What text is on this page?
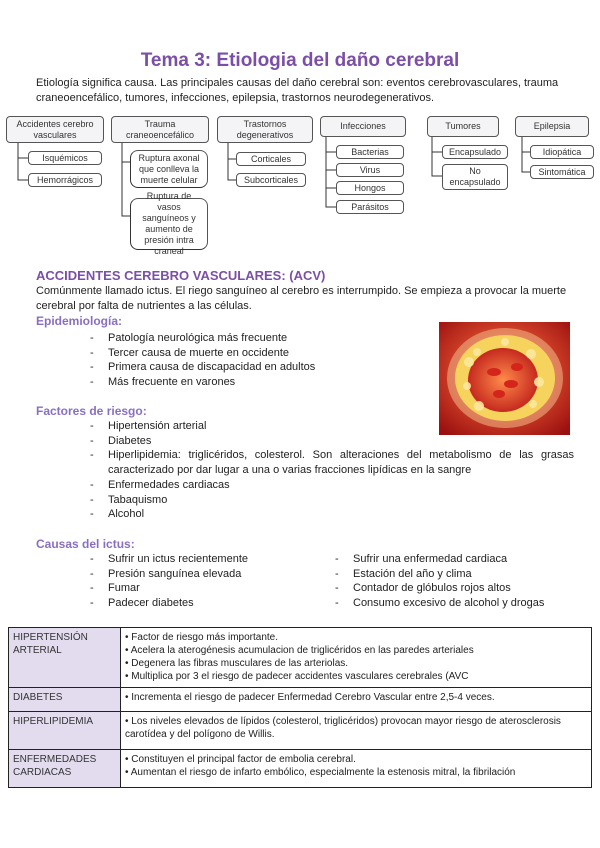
Tema 3: Etiologia del daño cerebral
Etiología significa causa. Las principales causas del daño cerebral son: eventos cerebrovasculares, trauma craneoencefálico, tumores, infecciones, epilepsia, trastornos neurodegenerativos.
Accidentes cerebro vasculares
Trauma craneoencefálico
Trastornos degenerativos
Infecciones	Tumores	Epilepsia
Isquémicos
Hemorrágicos
Ruptura axonal que conlleva la muerte celular
Ruptura de vasos sanguíneos y aumento de presión intra craneal
Corticales
Subcorticales
Bacterias
Virus
Hongos
Parásitos
Encapsulado
No encapsulado
Idiopática
Sintomática
ACCIDENTES CEREBRO VASCULARES: (ACV)
Comúnmente llamado ictus. El riego sanguíneo al cerebro es interrumpido. Se empieza a provocar la muerte cerebral por falta de nutrientes a las células.
Epidemiología:
- Patología neurológica más frecuente
- Tercer causa de muerte en occidente
- Primera causa de discapacidad en adultos
- Más frecuente en varones
Factores de riesgo:
- Hipertensión arterial
- Diabetes
- Hiperlipidemia: triglicéridos, colesterol. Son alteraciones del metabolismo de las grasas caracterizado por dar lugar a una o varias fracciones lipídicas en la sangre
- Enfermedades cardiacas
- Tabaquismo
- Alcohol
Causas del ictus:
- Sufrir un ictus recientemente
- Presión sanguínea elevada
- Fumar
- Padecer diabetes
- Sufrir una enfermedad cardiaca
- Estación del año y clima
- Contador de glóbulos rojos altos
- Consumo excesivo de alcohol y drogas
HIPERTENSIÓN ARTERIAL	• Factor de riesgo más importante.
• Acelera la aterogénesis acumulacion de triglicéridos en las paredes arteriales
• Degenera las fibras musculares de las arteriolas.
• Multiplica por 3 el riesgo de padecer accidentes vasculares cerebrales (AVC

DIABETES	• Incrementa el riesgo de padecer Enfermedad Cerebro Vascular entre 2,5-4 veces.

HIPERLIPIDEMIA	• Los niveles elevados de lípidos (colesterol, triglicéridos) provocan mayor riesgo de aterosclerosis carotídea y del polígono de Willis.

ENFERMEDADES CARDIACAS	• Constituyen el principal factor de embolia cerebral.
• Aumentan el riesgo de infarto embólico, especialmente la estenosis mitral, la fibrilación
